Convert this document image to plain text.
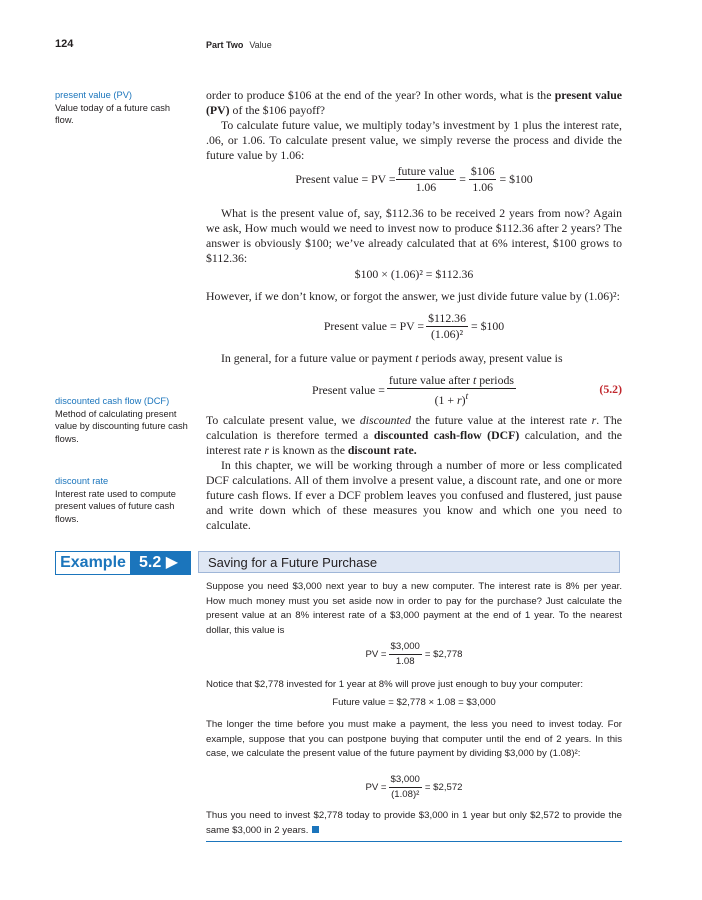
124	Part Two Value
present value (PV)
Value today of a future cash flow.
discounted cash flow (DCF)
Method of calculating present value by discounting future cash flows.
discount rate
Interest rate used to compute present values of future cash flows.

order to produce $106 at the end of the year? In other words, what is the present value (PV) of the $106 payoff?

To calculate future value, we multiply today’s investment by 1 plus the interest rate, .06, or 1.06. To calculate present value, we simply reverse the process and divide the future value by 1.06:

Present value = PV = $\frac{\text{future value}}{1.06} = \frac{\$106}{1.06}$ = $100

What is the present value of, say, $112.36 to be received 2 years from now? Again we ask, How much would we need to invest now to produce $112.36 after 2 years? The answer is obviously $100; we’ve already calculated that at 6% interest, $100 grows to $112.36:

$100 × (1.06)² = $112.36
However, if we don’t know, or forgot the answer, we just divide future value by (1.06)²:
Present value = PV = $\frac{\$112.36}{\text{(1.06)²}}$ = $100

In general, for a future value or payment t periods away, present value is

Present value = $\frac{\text{future value after t periods}}{(1 + r)^t}$	(5.2)

To calculate present value, we discounted the future value at the interest rate r. The calculation is therefore termed a discounted cash-flow (DCF) calculation, and the interest rate r is known as the discount rate.

In this chapter, we will be working through a number of more or less complicated DCF calculations. All of them involve a present value, a discount rate, and one or more future cash flows. If ever a DCF problem leaves you confused and flustered, just pause and write down which of these measures you know and which one you need to calculate.

Example 5.2 ▶	Saving for a Future Purchase
Suppose you need $3,000 next year to buy a new computer. The interest rate is 8% per year. How much money must you set aside now in order to pay for the purchase? Just calculate the present value at an 8% interest rate of a $3,000 payment at the end of 1 year. To the nearest dollar, this value is
PV = $\frac{\$3,000}{1.08}$ = $2,778
Notice that $2,778 invested for 1 year at 8% will prove just enough to buy your computer:
Future value = $2,778 × 1.08 = $3,000
The longer the time before you must make a payment, the less you need to invest today. For example, suppose that you can postpone buying that computer until the end of 2 years. In this case, we calculate the present value of the future payment by dividing $3,000 by (1.08)²:
PV = $\frac{\$3,000}{\text{(1.08)²}}$ = $2,572
Thus you need to invest $2,778 today to provide $3,000 in 1 year but only $2,572 to provide the same $3,000 in 2 years.
